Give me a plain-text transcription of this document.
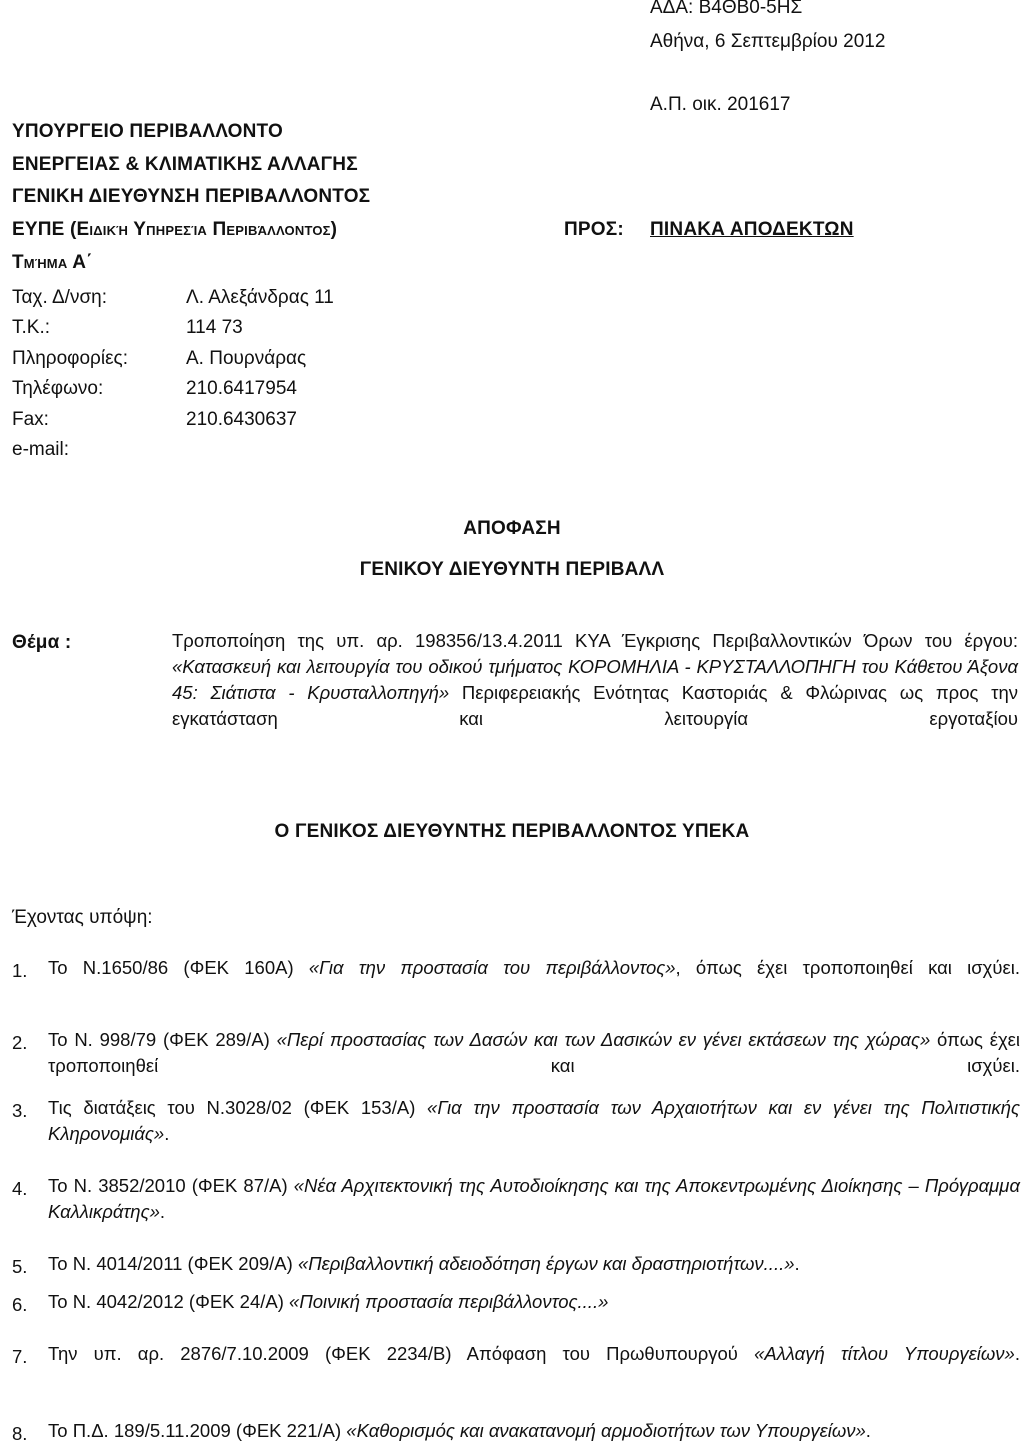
ΑΔΑ: Β4ΘΒ0-5ΗΣ
Αθήνα, 6 Σεπτεμβρίου 2012
Α.Π. οικ. 201617
ΥΠΟΥΡΓΕΙΟ ΠΕΡΙΒΑΛΛΟΝΤΟ
ΕΝΕΡΓΕΙΑΣ & ΚΛΙΜΑΤΙΚΗΣ ΑΛΛΑΓΗΣ
ΓΕΝΙΚΗ ΔΙΕΥΘΥΝΣΗ ΠΕΡΙΒΑΛΛΟΝΤΟΣ
ΕΥΠΕ (Ειδική Υπηρεσία Περιβάλλοντος)
Τμήμα Α΄
Ταχ. Δ/νση:	Λ. Αλεξάνδρας 11
Τ.Κ.:	114 73
Πληροφορίες:	Α. Πουρνάρας
Τηλέφωνο:	210.6417954
Fax:	210.6430637
e-mail:
ΠΡΟΣ: ΠΙΝΑΚΑ ΑΠΟΔΕΚΤΩΝ
ΑΠΟΦΑΣΗ
ΓΕΝΙΚΟΥ ΔΙΕΥΘΥΝΤΗ ΠΕΡΙΒΑΛΛ
Θέμα :	Τροποποίηση της υπ. αρ. 198356/13.4.2011 ΚΥΑ Έγκρισης Περιβαλλοντικών Όρων του έργου: «Κατασκευή και λειτουργία του οδικού τμήματος ΚΟΡΟΜΗΛΙΑ - ΚΡΥΣΤΑΛΛΟΠΗΓΗ του Κάθετου Άξονα 45: Σιάτιστα - Κρυσταλλοπηγή» Περιφερειακής Ενότητας Καστοριάς & Φλώρινας ως προς την εγκατάσταση και λειτουργία εργοταξίου
Ο ΓΕΝΙΚΟΣ ΔΙΕΥΘΥΝΤΗΣ ΠΕΡΙΒΑΛΛΟΝΤΟΣ ΥΠΕΚΑ
Έχοντας υπόψη:
1. Το Ν.1650/86 (ΦΕΚ 160Α) «Για την προστασία του περιβάλλοντος», όπως έχει τροποποιηθεί και ισχύει.
2. Το Ν. 998/79 (ΦΕΚ 289/Α) «Περί προστασίας των Δασών και των Δασικών εν γένει εκτάσεων της χώρας» όπως έχει τροποποιηθεί και ισχύει.
3. Τις διατάξεις του Ν.3028/02 (ΦΕΚ 153/Α) «Για την προστασία των Αρχαιοτήτων και εν γένει της Πολιτιστικής Κληρονομιάς».
4. Το Ν. 3852/2010 (ΦΕΚ 87/Α) «Νέα Αρχιτεκτονική της Αυτοδιοίκησης και της Αποκεντρωμένης Διοίκησης – Πρόγραμμα Καλλικράτης».
5. Το Ν. 4014/2011 (ΦΕΚ 209/Α) «Περιβαλλοντική αδειοδότηση έργων και δραστηριοτήτων....».
6. Το Ν. 4042/2012 (ΦΕΚ 24/Α) «Ποινική προστασία περιβάλλοντος....»
7. Την υπ. αρ. 2876/7.10.2009 (ΦΕΚ 2234/Β) Απόφαση του Πρωθυπουργού «Αλλαγή τίτλου Υπουργείων».
8. Το Π.Δ. 189/5.11.2009 (ΦΕΚ 221/Α) «Καθορισμός και ανακατανομή αρμοδιοτήτων των Υπουργείων».
